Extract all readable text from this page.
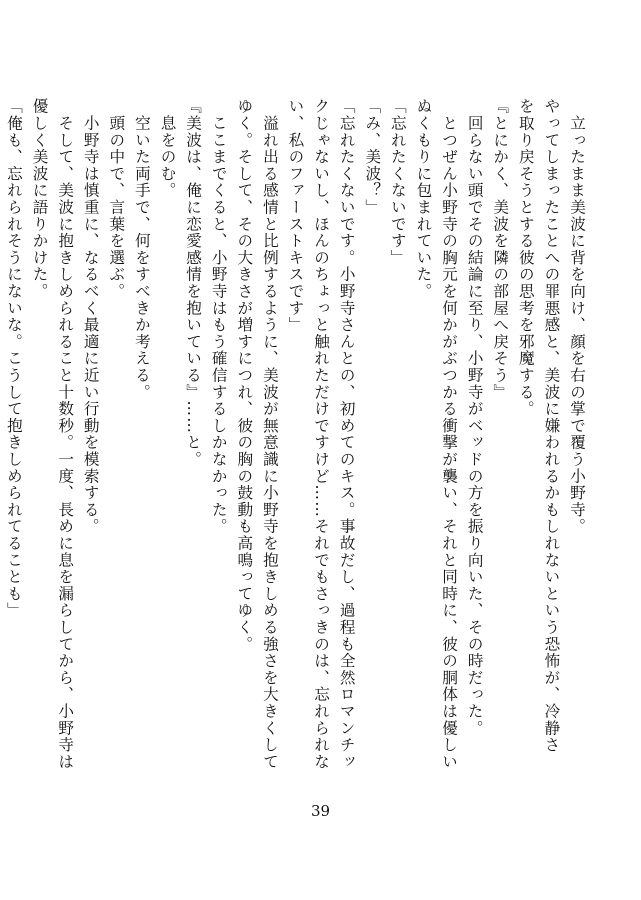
　立ったまま美波に背を向け、顔を右の掌で覆う小野寺。
やってしまったことへの罪悪感と、美波に嫌われるかもしれないという恐怖が、冷静さ
を取り戻そうとする彼の思考を邪魔する。
『とにかく、美波を隣の部屋へ戻そう』
　回らない頭でその結論に至り、小野寺がベッドの方を振り向いた、その時だった。
　とつぜん小野寺の胸元を何かがぶつかる衝撃が襲い、それと同時に、彼の胴体は優しい
ぬくもりに包まれていた。
「忘れたくないです」
「み、美波？」
「忘れたくないです。小野寺さんとの、初めてのキス。事故だし、過程も全然ロマンチッ
クじゃないし、ほんのちょっと触れただけですけど……それでもさっきのは、忘れられな
い、私のファーストキスです」
　溢れ出る感情と比例するように、美波が無意識に小野寺を抱きしめる強さを大きくして
ゆく。そして、その大きさが増すにつれ、彼の胸の鼓動も高鳴ってゆく。
　ここまでくると、小野寺はもう確信するしかなかった。
『美波は、俺に恋愛感情を抱いている』……と。
　息をのむ。
　空いた両手で、何をすべきか考える。
　頭の中で、言葉を選ぶ。
　小野寺は慎重に、なるべく最適に近い行動を模索する。
　そして、美波に抱きしめられること十数秒。一度、長めに息を漏らしてから、小野寺は
優しく美波に語りかけた。
「俺も、忘れられそうにないな。こうして抱きしめられてることも」
39
